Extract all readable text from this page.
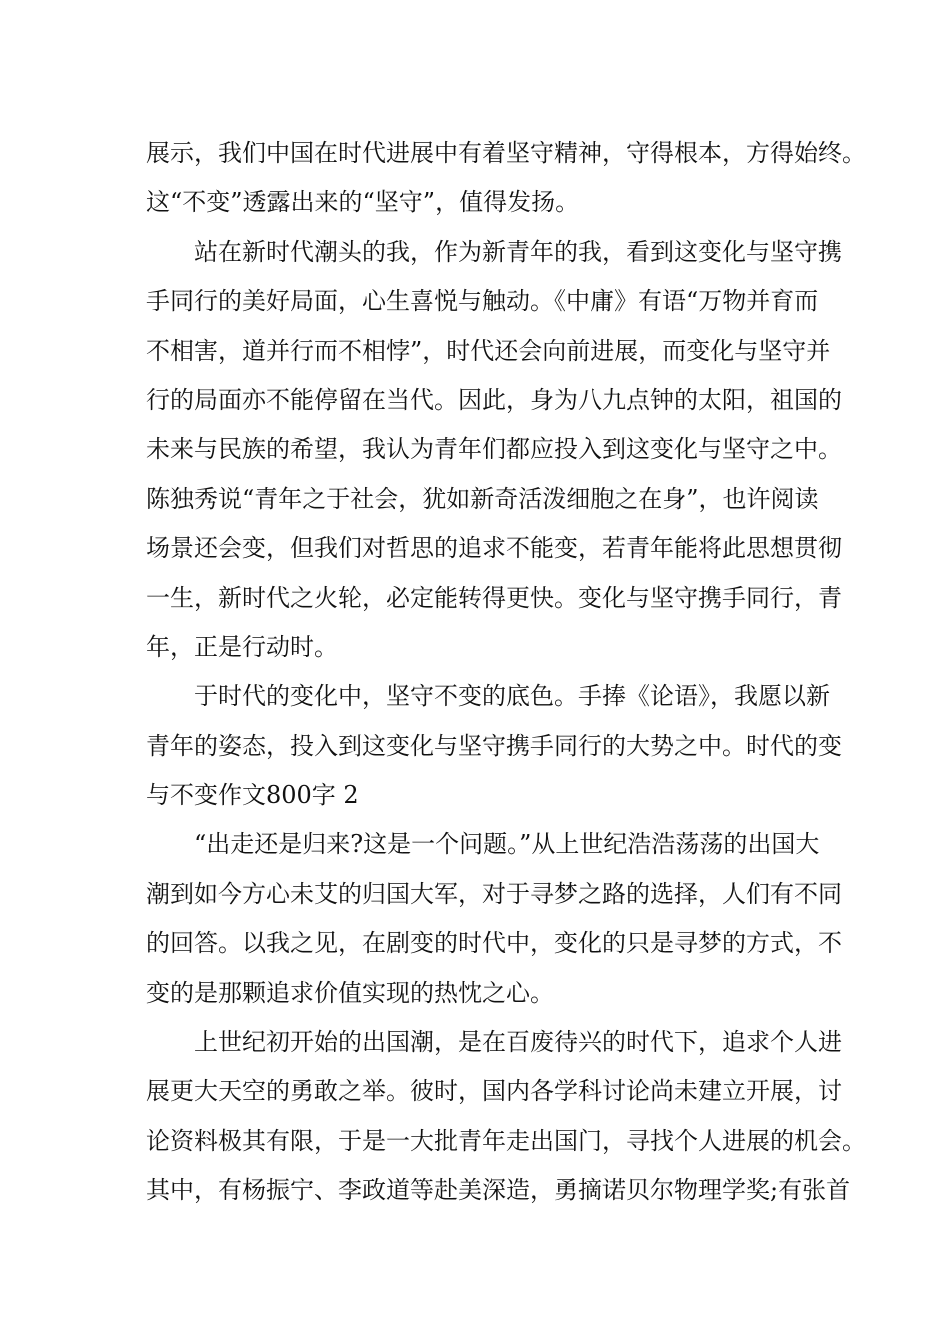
展示，我们中国在时代进展中有着坚守精神，守得根本，方得始终。
这“不变”透露出来的“坚守”，值得发扬。
站在新时代潮头的我，作为新青年的我，看到这变化与坚守携
手同行的美好局面，心生喜悦与触动。《中庸》有语“万物并育而
不相害，道并行而不相悖”，时代还会向前进展，而变化与坚守并
行的局面亦不能停留在当代。因此，身为八九点钟的太阳，祖国的
未来与民族的希望，我认为青年们都应投入到这变化与坚守之中。
陈独秀说“青年之于社会，犹如新奇活泼细胞之在身”，也许阅读
场景还会变，但我们对哲思的追求不能变，若青年能将此思想贯彻
一生，新时代之火轮，必定能转得更快。变化与坚守携手同行，青
年，正是行动时。
于时代的变化中，坚守不变的底色。手捧《论语》，我愿以新
青年的姿态，投入到这变化与坚守携手同行的大势之中。时代的变
与不变作文800字 2
“出走还是归来?这是一个问题。”从上世纪浩浩荡荡的出国大
潮到如今方心未艾的归国大军，对于寻梦之路的选择，人们有不同
的回答。以我之见，在剧变的时代中，变化的只是寻梦的方式，不
变的是那颗追求价值实现的热忱之心。
上世纪初开始的出国潮，是在百废待兴的时代下，追求个人进
展更大天空的勇敢之举。彼时，国内各学科讨论尚未建立开展，讨
论资料极其有限，于是一大批青年走出国门，寻找个人进展的机会。
其中，有杨振宁、李政道等赴美深造，勇摘诺贝尔物理学奖;有张首
